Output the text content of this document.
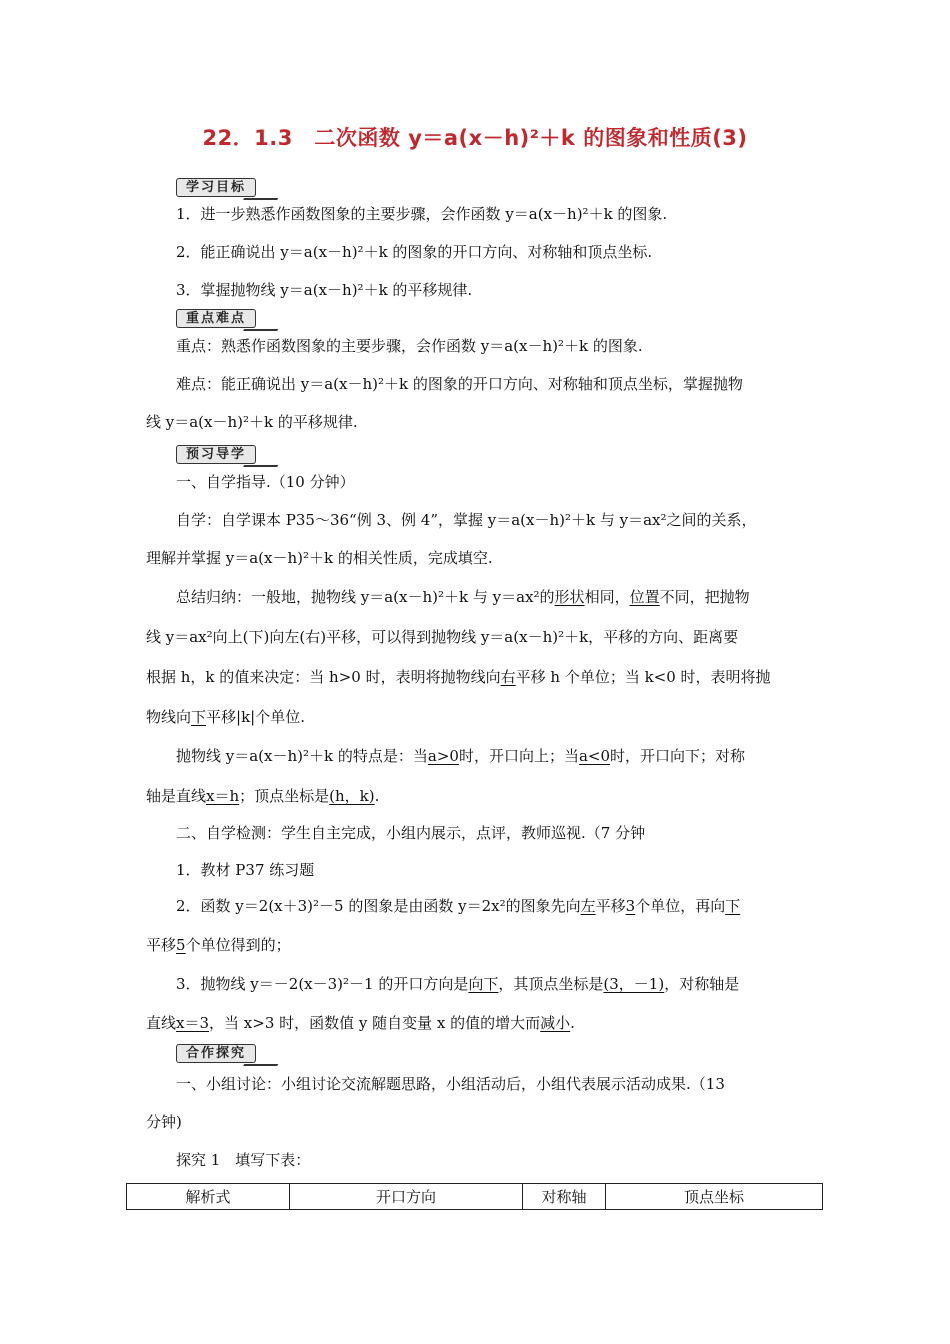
22．1.3　二次函数 y＝a(x－h)²＋k 的图象和性质(3)
学习目标
1．进一步熟悉作函数图象的主要步骤，会作函数 y＝a(x－h)²＋k 的图象.
2．能正确说出 y＝a(x－h)²＋k 的图象的开口方向、对称轴和顶点坐标.
3．掌握抛物线 y＝a(x－h)²＋k 的平移规律.
重点难点
重点：熟悉作函数图象的主要步骤，会作函数 y＝a(x－h)²＋k 的图象.
难点：能正确说出 y＝a(x－h)²＋k 的图象的开口方向、对称轴和顶点坐标，掌握抛物
线 y＝a(x－h)²＋k 的平移规律.
预习导学
一、自学指导.（10 分钟）
自学：自学课本 P35～36“例 3、例 4”，掌握 y＝a(x－h)²＋k 与 y＝ax²之间的关系，
理解并掌握 y＝a(x－h)²＋k 的相关性质，完成填空.
总结归纳：一般地，抛物线 y＝a(x－h)²＋k 与 y＝ax²的形状相同，位置不同，把抛物
线 y＝ax²向上(下)向左(右)平移，可以得到抛物线 y＝a(x－h)²＋k，平移的方向、距离要
根据 h，k 的值来决定：当 h>0 时，表明将抛物线向右平移 h 个单位；当 k<0 时，表明将抛
物线向下平移|k|个单位.
抛物线 y＝a(x－h)²＋k 的特点是：当a>0时，开口向上；当a<0时，开口向下；对称
轴是直线x＝h；顶点坐标是(h，k).
二、自学检测：学生自主完成，小组内展示，点评，教师巡视.（7 分钟
1．教材 P37 练习题
2．函数 y＝2(x＋3)²－5 的图象是由函数 y＝2x²的图象先向左平移3个单位，再向下
平移5个单位得到的；
3．抛物线 y＝－2(x－3)²－1 的开口方向是向下，其顶点坐标是(3，－1)，对称轴是
直线x＝3，当 x>3 时，函数值 y 随自变量 x 的值的增大而减小.
合作探究
一、小组讨论：小组讨论交流解题思路，小组活动后，小组代表展示活动成果.（13
分钟)
探究 1　填写下表：
解析式	开口方向	对称轴	顶点坐标
